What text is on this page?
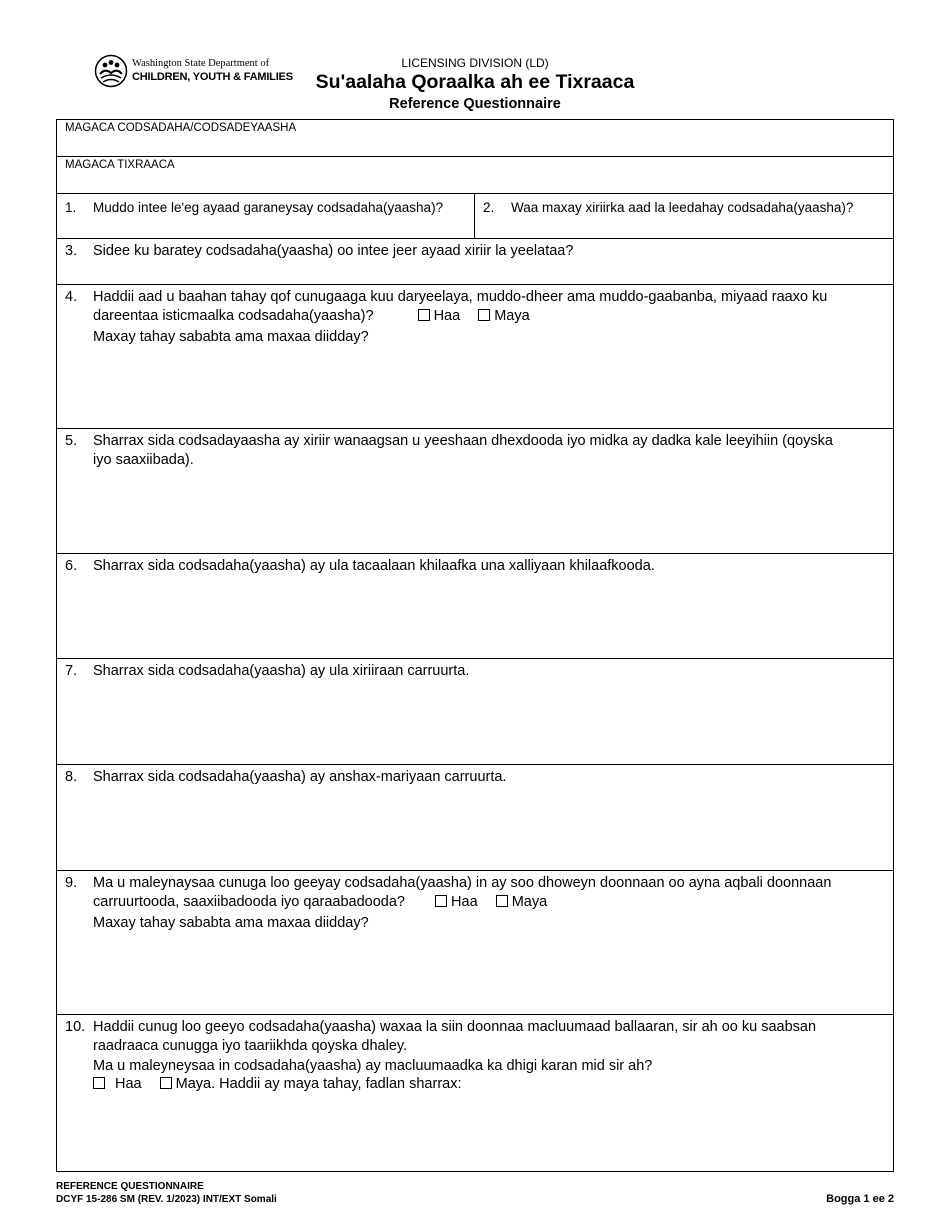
Washington State Department of
CHILDREN, YOUTH & FAMILIES
LICENSING DIVISION (LD)
Su'aalaha Qoraalka ah ee Tixraaca
Reference Questionnaire
MAGACA CODSADAHA/CODSADEYAASHA
MAGACA TIXRAACA
1. Muddo intee le'eg ayaad garaneysay codsadaha(yaasha)?	2. Waa maxay xiriirka aad la leedahay codsadaha(yaasha)?
3. Sidee ku baratey codsadaha(yaasha) oo intee jeer ayaad xiriir la yeelataa?
4. Haddii aad u baahan tahay qof cunugaaga kuu daryeelaya, muddo-dheer ama muddo-gaabanba, miyaad raaxo ku
dareentaa isticmaalka codsadaha(yaasha)?	Haa Maya
Maxay tahay sababta ama maxaa diidday?
5. Sharrax sida codsadayaasha ay xiriir wanaagsan u yeeshaan dhexdooda iyo midka ay dadka kale leeyihiin (qoyska
iyo saaxiibada).
6. Sharrax sida codsadaha(yaasha) ay ula tacaalaan khilaafka una xalliyaan khilaafkooda.
7. Sharrax sida codsadaha(yaasha) ay ula xiriiraan carruurta.
8. Sharrax sida codsadaha(yaasha) ay anshax-mariyaan carruurta.
9. Ma u maleynaysaa cunuga loo geeyay codsadaha(yaasha) in ay soo dhoweyn doonnaan oo ayna aqbali doonnaan
carruurtooda, saaxiibadooda iyo qaraabadooda?	Haa Maya
Maxay tahay sababta ama maxaa diidday?
10. Haddii cunug loo geeyo codsadaha(yaasha) waxaa la siin doonnaa macluumaad ballaaran, sir ah oo ku saabsan
raadraaca cunugga iyo taariikhda qoyska dhaley.
Ma u maleyneysaa in codsadaha(yaasha) ay macluumaadka ka dhigi karan mid sir ah?
Haa Maya. Haddii ay maya tahay, fadlan sharrax:
REFERENCE QUESTIONNAIRE
DCYF 15-286 SM (REV. 1/2023) INT/EXT Somali	Bogga 1 ee 2
